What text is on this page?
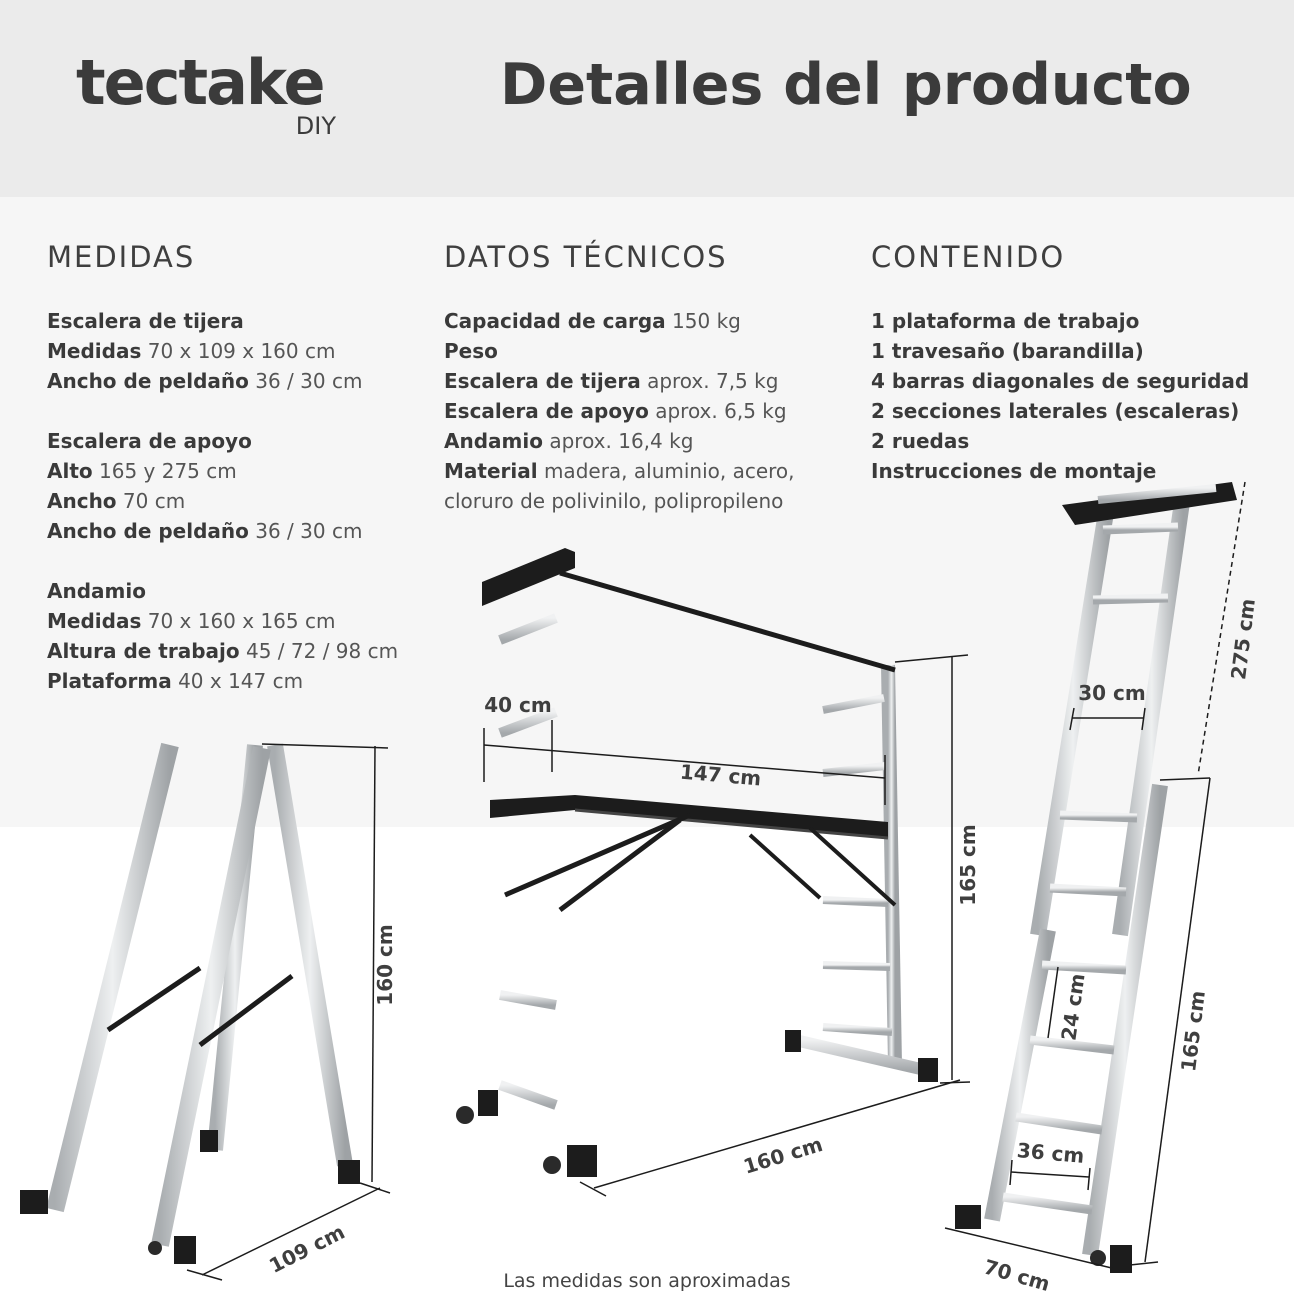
tectake
DIY
Detalles del producto
MEDIDAS
Escalera de tijera
Medidas 70 x 109 x 160 cm
Ancho de peldaño 36 / 30 cm
Escalera de apoyo
Alto 165 y 275 cm
Ancho 70 cm
Ancho de peldaño 36 / 30 cm
Andamio
Medidas 70 x 160 x 165 cm
Altura de trabajo 45 / 72 / 98 cm
Plataforma 40 x 147 cm
DATOS TÉCNICOS
Capacidad de carga 150 kg
Peso
Escalera de tijera aprox. 7,5 kg
Escalera de apoyo aprox. 6,5 kg
Andamio aprox. 16,4 kg
Material madera, aluminio, acero,
cloruro de polivinilo, polipropileno
CONTENIDO
1 plataforma de trabajo
1 travesaño (barandilla)
4 barras diagonales de seguridad
2 secciones laterales (escaleras)
2 ruedas
Instrucciones de montaje
160 cm
109 cm
40 cm
147 cm
165 cm
160 cm
275 cm
30 cm
24 cm	165 cm
36 cm
70 cm
Las medidas son aproximadas
